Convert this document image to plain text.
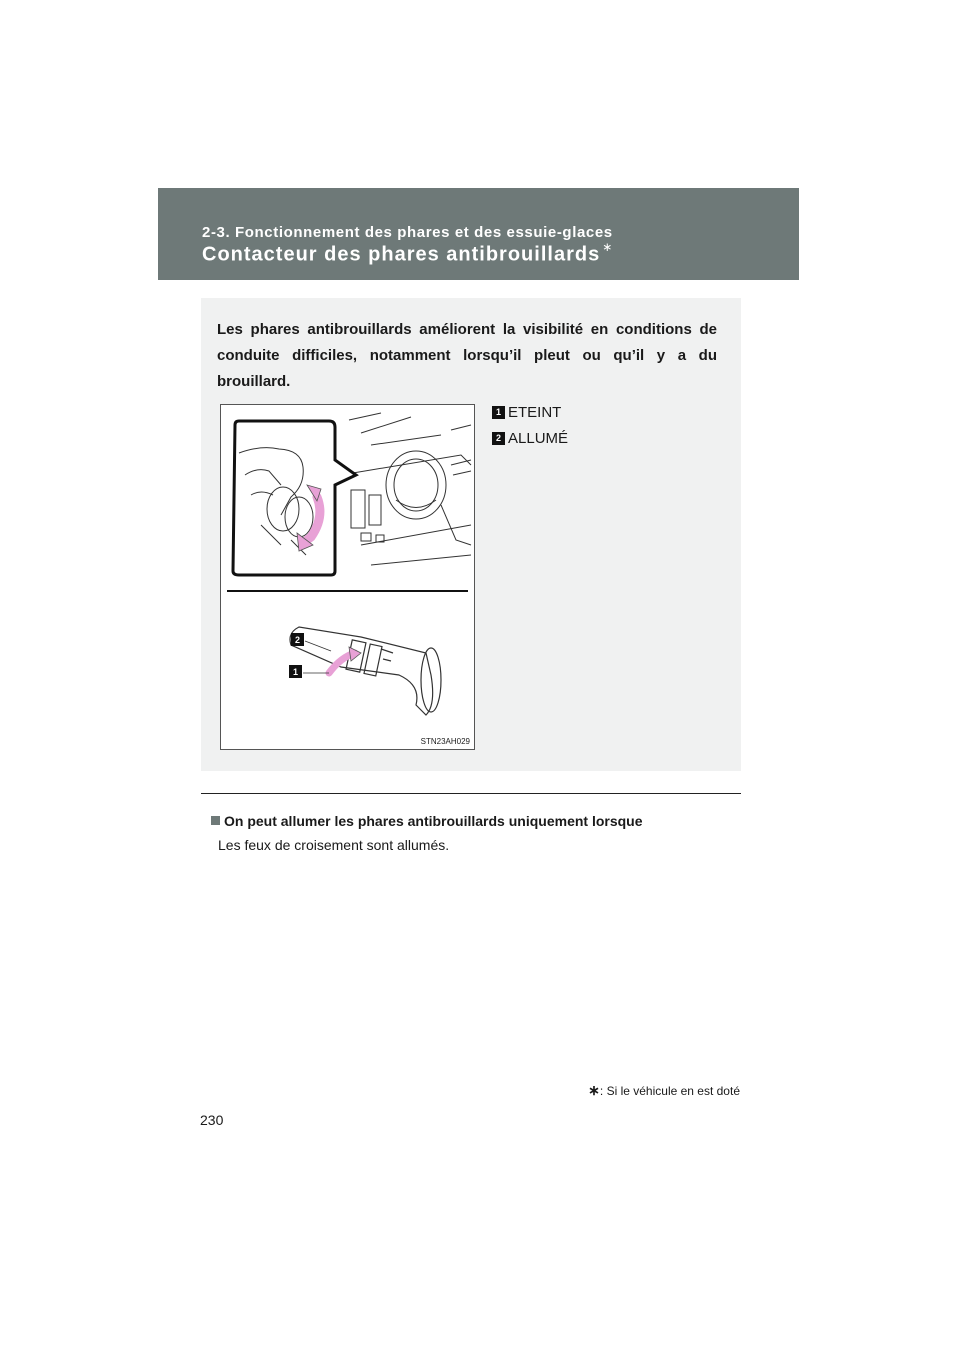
2-3. Fonctionnement des phares et des essuie-glaces
Contacteur des phares antibrouillards ∗
Les phares antibrouillards améliorent la visibilité en conditions de conduite difficiles, notamment lorsqu’il pleut ou qu’il y a du brouillard.
2
1
STN23AH029
1 ETEINT
2 ALLUMÉ
On peut allumer les phares antibrouillards uniquement lorsque
Les feux de croisement sont allumés.
∗: Si le véhicule en est doté
230
